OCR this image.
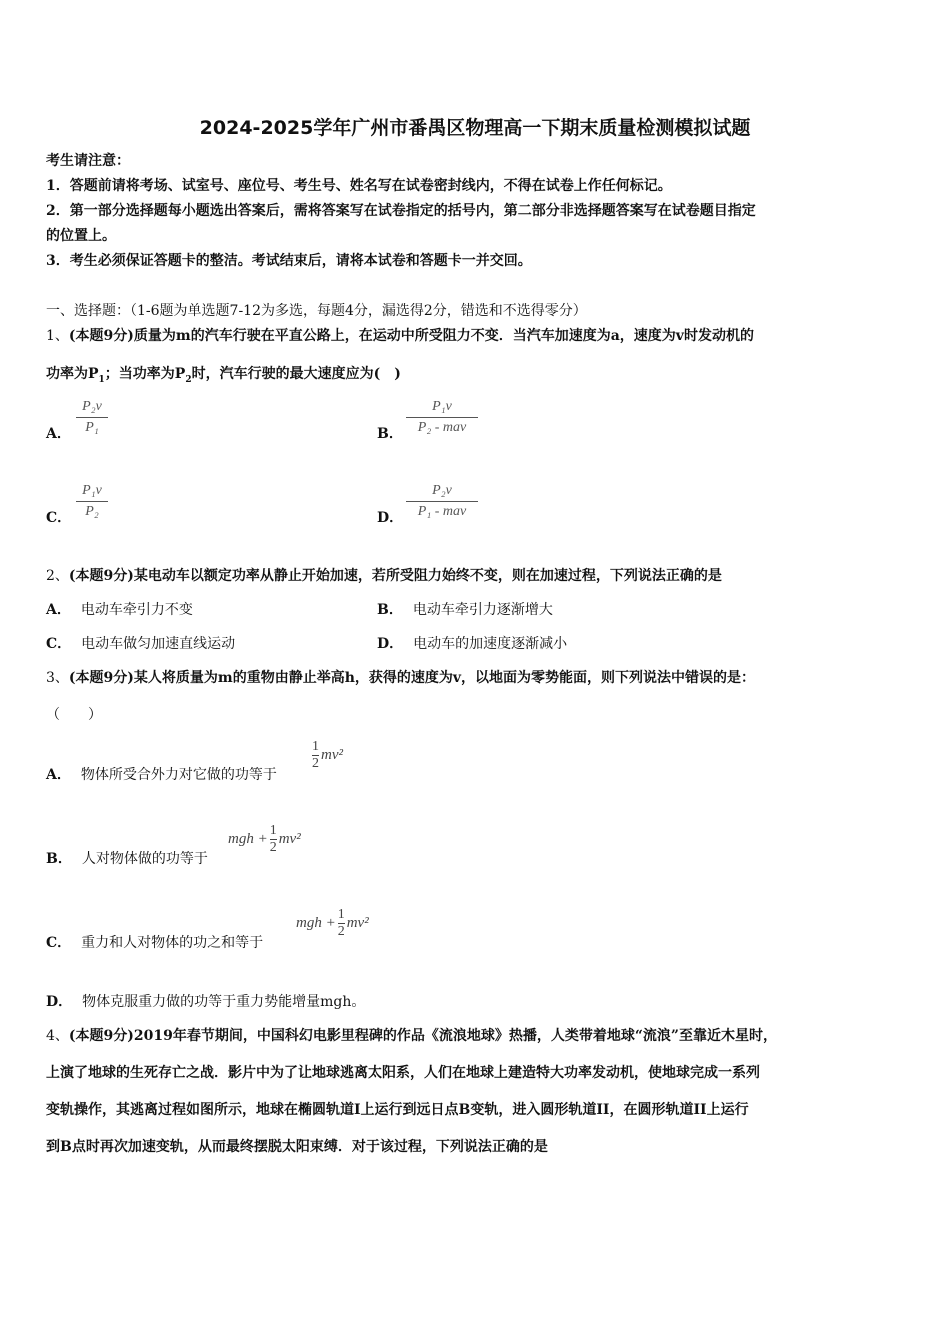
2024-2025学年广州市番禺区物理高一下期末质量检测模拟试题
考生请注意：
1．答题前请将考场、试室号、座位号、考生号、姓名写在试卷密封线内，不得在试卷上作任何标记。
2．第一部分选择题每小题选出答案后，需将答案写在试卷指定的括号内，第二部分非选择题答案写在试卷题目指定
的位置上。
3．考生必须保证答题卡的整洁。考试结束后，请将本试卷和答题卡一并交回。
一、选择题：（1-6题为单选题7-12为多选，每题4分，漏选得2分，错选和不选得零分）
1、(本题9分)质量为m的汽车行驶在平直公路上，在运动中所受阻力不变．当汽车加速度为a，速度为v时发动机的
功率为$P_1$；当功率为$P_2$时，汽车行驶的最大速度应为(　)
A．
P₂v
P₁	B．
P₁v
P₂ - mav
C．
P₁v
P₂	D．
P₂v
P₁ - mav
2、(本题9分)某电动车以额定功率从静止开始加速，若所受阻力始终不变，则在加速过程，下列说法正确的是
A． 电动车牵引力不变	B． 电动车牵引力逐渐增大
C． 电动车做匀加速直线运动	D． 电动车的加速度逐渐减小
3、(本题9分)某人将质量为m的重物由静止举高h，获得的速度为v，以地面为零势能面，则下列说法中错误的是：
（　　）
A． 物体所受合外力对它做的功等于
$\frac{1}{2} mv^2$
B． 人对物体做的功等于
mgh + $\frac{1}{2} mv^2$
C． 重力和人对物体的功之和等于
mgh + $\frac{1}{2} mv^2$
D． 物体克服重力做的功等于重力势能增量mgh。
4、(本题9分)2019年春节期间，中国科幻电影里程碑的作品《流浪地球》热播，人类带着地球“流浪”至靠近木星时，
上演了地球的生死存亡之战．影片中为了让地球逃离太阳系，人们在地球上建造特大功率发动机，使地球完成一系列
变轨操作，其逃离过程如图所示，地球在椭圆轨道I上运行到远日点B变轨，进入圆形轨道II，在圆形轨道II上运行
到B点时再次加速变轨，从而最终摆脱太阳束缚．对于该过程，下列说法正确的是
